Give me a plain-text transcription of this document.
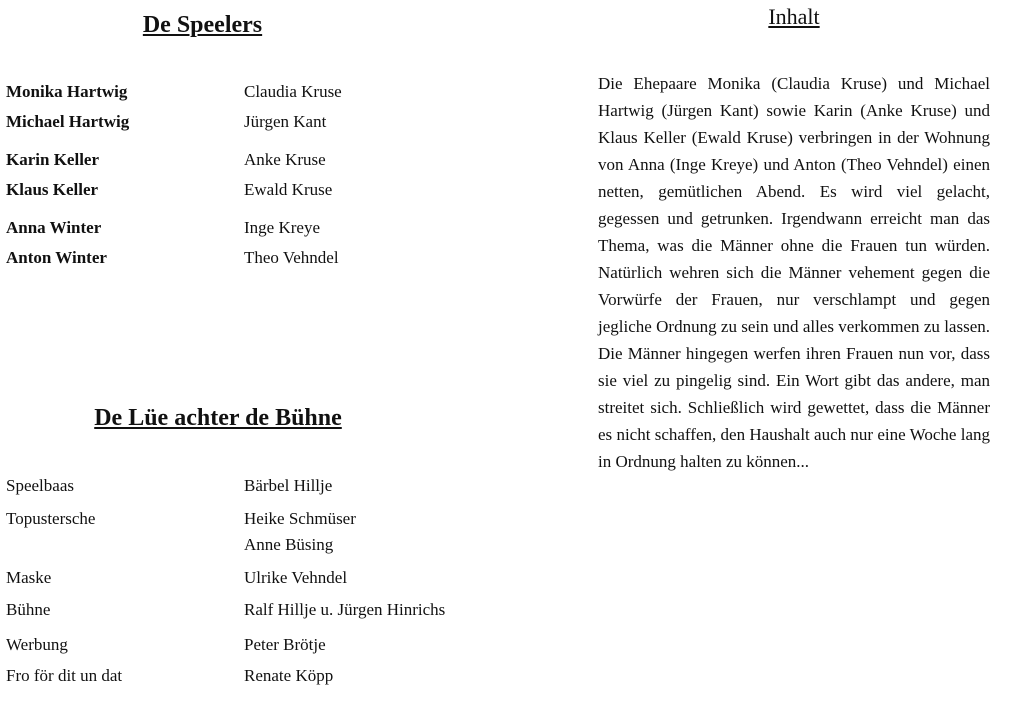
De Speelers
Monika Hartwig	Claudia Kruse
Michael Hartwig	Jürgen Kant
Karin Keller	Anke Kruse
Klaus Keller	Ewald Kruse
Anna Winter	Inge Kreye
Anton Winter	Theo Vehndel
De Lüe achter de Bühne
Speelbaas	Bärbel Hillje
Topustersche	Heike Schmüser
Anne Büsing
Maske	Ulrike Vehndel
Bühne	Ralf Hillje u. Jürgen Hinrichs
Werbung	Peter Brötje
Fro för dit un dat	Renate Köpp
Inhalt

Die Ehepaare Monika (Claudia Kruse) und Michael Hartwig (Jürgen Kant) sowie Karin (Anke Kruse) und Klaus Keller (Ewald Kruse) verbringen in der Wohnung von Anna (Inge Kreye) und Anton (Theo Vehndel) einen netten, gemütlichen Abend. Es wird viel gelacht, gegessen und getrunken. Irgendwann erreicht man das Thema, was die Männer ohne die Frauen tun würden. Natürlich wehren sich die Männer vehement gegen die Vorwürfe der Frauen, nur verschlampt und gegen jegliche Ordnung zu sein und alles verkommen zu lassen. Die Männer hingegen werfen ihren Frauen nun vor, dass sie viel zu pingelig sind. Ein Wort gibt das andere, man streitet sich. Schließlich wird gewettet, dass die Männer es nicht schaffen, den Haushalt auch nur eine Woche lang in Ordnung halten zu können...
